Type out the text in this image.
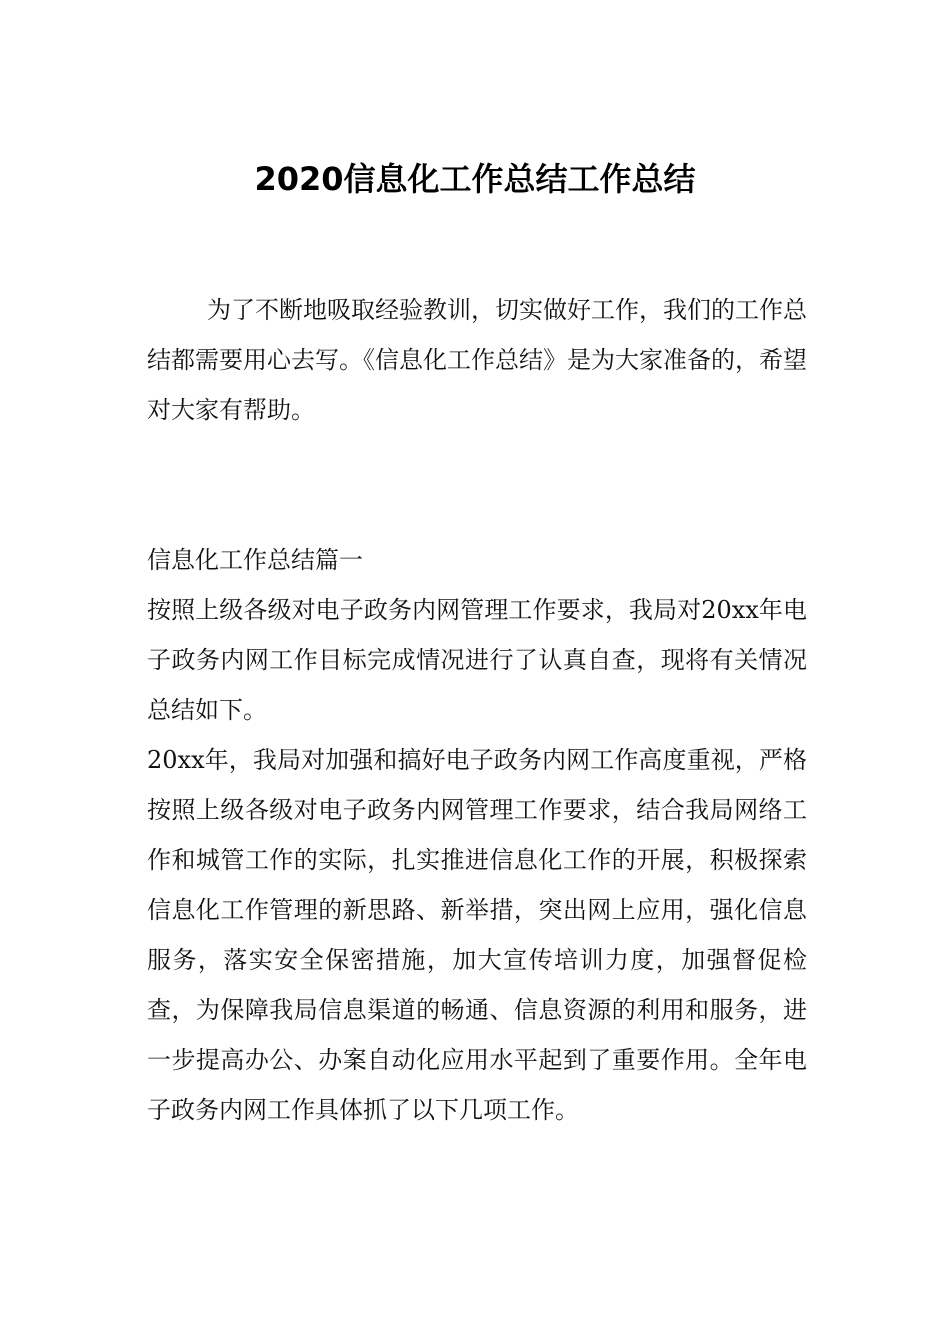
2020信息化工作总结工作总结
为了不断地吸取经验教训，切实做好工作，我们的工作总结都需要用心去写。《信息化工作总结》是为大家准备的，希望对大家有帮助。
信息化工作总结篇一
按照上级各级对电子政务内网管理工作要求，我局对20xx年电子政务内网工作目标完成情况进行了认真自查，现将有关情况总结如下。
20xx年，我局对加强和搞好电子政务内网工作高度重视，严格按照上级各级对电子政务内网管理工作要求，结合我局网络工作和城管工作的实际，扎实推进信息化工作的开展，积极探索信息化工作管理的新思路、新举措，突出网上应用，强化信息服务，落实安全保密措施，加大宣传培训力度，加强督促检查，为保障我局信息渠道的畅通、信息资源的利用和服务，进一步提高办公、办案自动化应用水平起到了重要作用。全年电子政务内网工作具体抓了以下几项工作。
